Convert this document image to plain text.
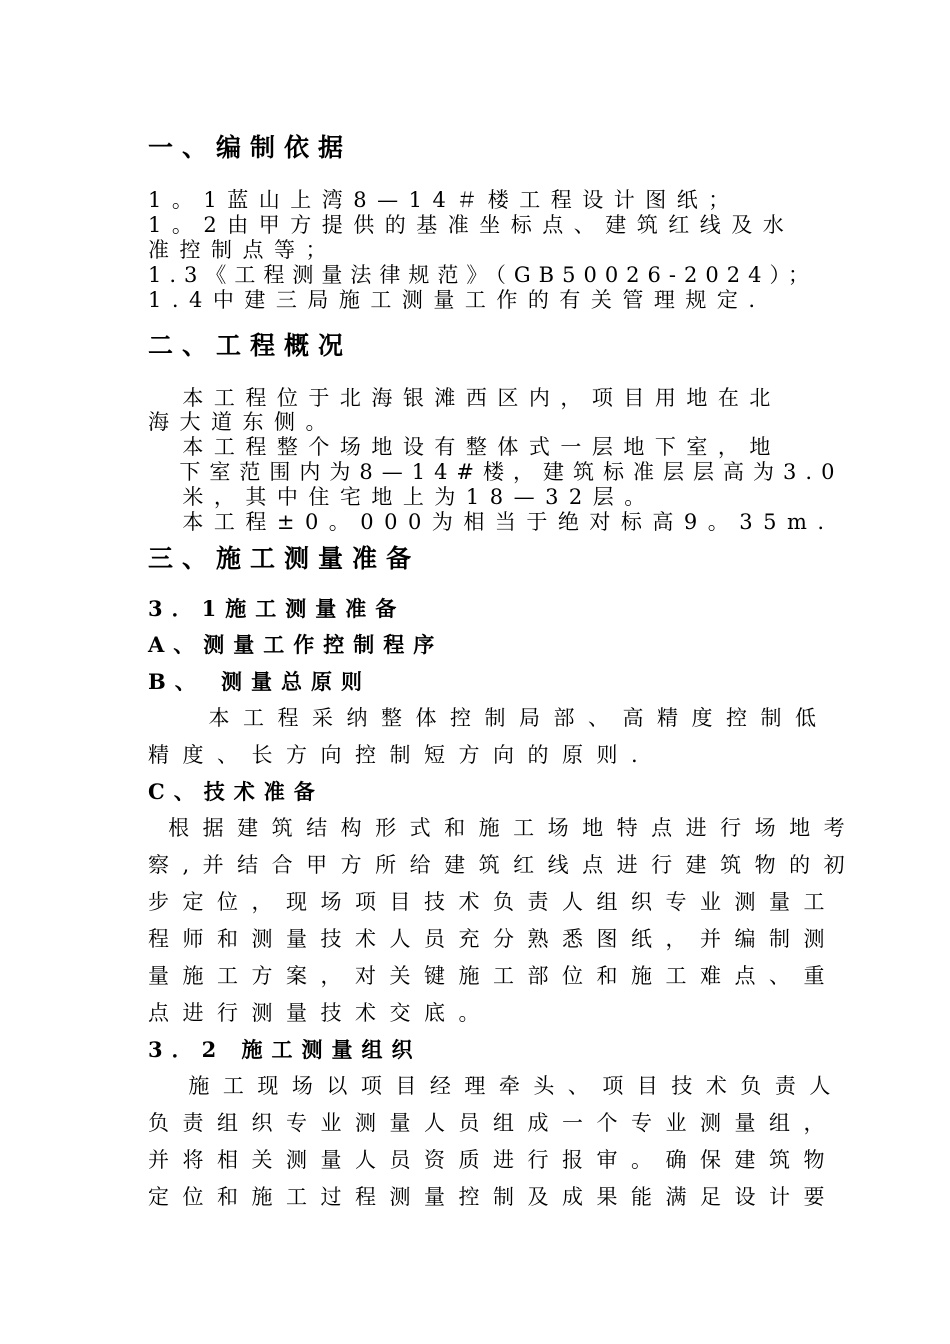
一、编制依据
1。1蓝山上湾8—14＃楼工程设计图纸；
1。2由甲方提供的基准坐标点、建筑红线及水
准控制点等；
1.3《工程测量法律规范》（GB50026-2024）；
1.4中建三局施工测量工作的有关管理规定.
二、工程概况
本工程位于北海银滩西区内，项目用地在北
海大道东侧。
本工程整个场地设有整体式一层地下室，地
下室范围内为8—14#楼，建筑标准层层高为3.0
米，其中住宅地上为18—32层。
本工程±0。000为相当于绝对标高9。35m.
三、施工测量准备
3．1施工测量准备
A、测量工作控制程序
B、 测量总原则
本工程采纳整体控制局部、高精度控制低
精度、长方向控制短方向的原则.
C、技术准备
根据建筑结构形式和施工场地特点进行场地考
察,并结合甲方所给建筑红线点进行建筑物的初
步定位，现场项目技术负责人组织专业测量工
程师和测量技术人员充分熟悉图纸，并编制测
量施工方案，对关键施工部位和施工难点、重
点进行测量技术交底。
3．2 施工测量组织
施工现场以项目经理牵头、项目技术负责人
负责组织专业测量人员组成一个专业测量组，
并将相关测量人员资质进行报审。确保建筑物
定位和施工过程测量控制及成果能满足设计要
